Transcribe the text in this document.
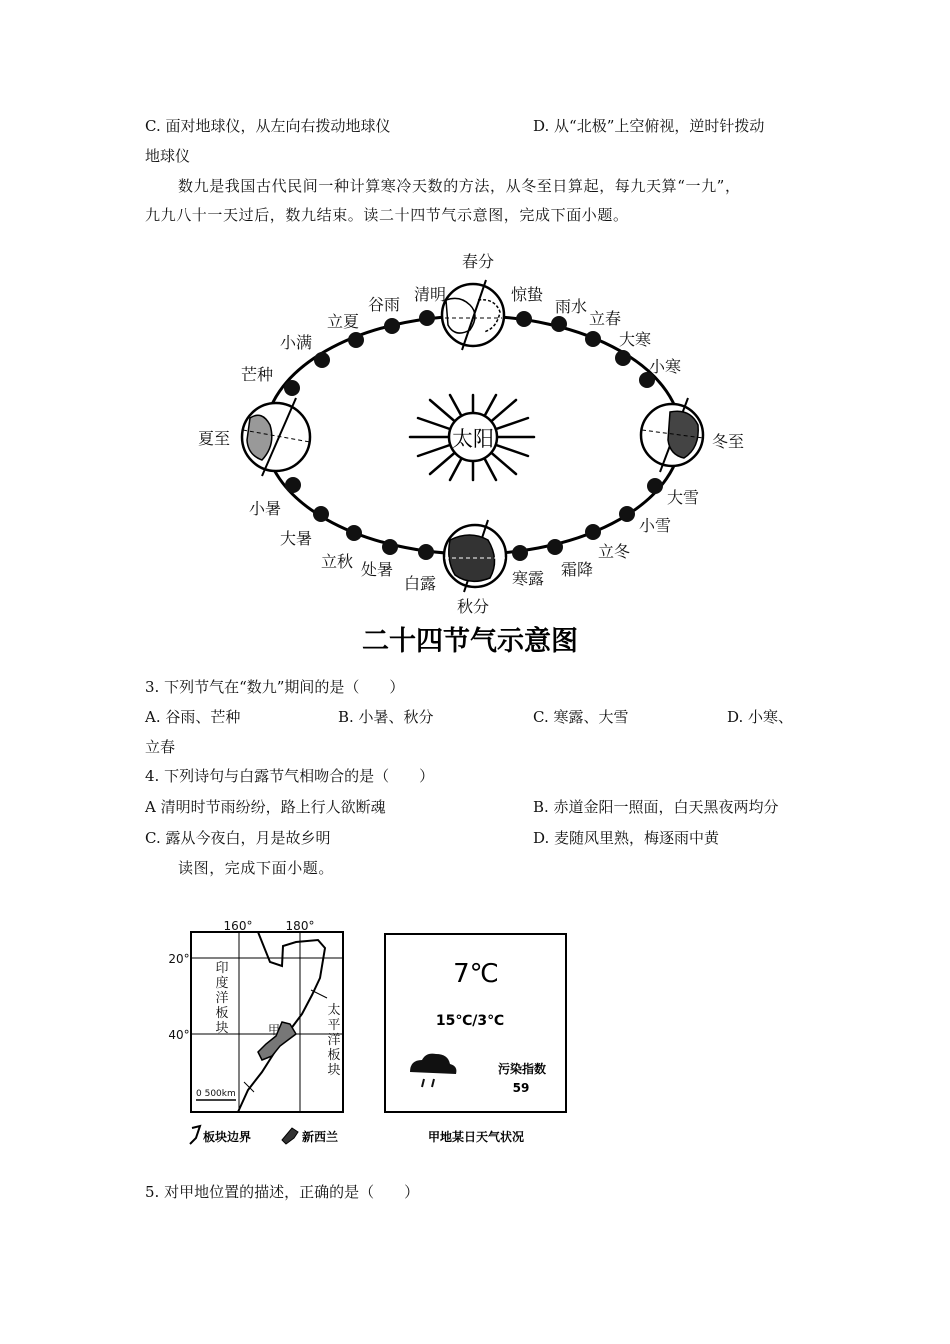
C. 面对地球仪，从左向右拨动地球仪	D. 从“北极”上空俯视，逆时针拨动
地球仪
数九是我国古代民间一种计算寒冷天数的方法，从冬至日算起，每九天算“一九”，
九九八十一天过后，数九结束。读二十四节气示意图，完成下面小题。
太阳
春分
清明	惊蛰
谷雨	雨水
立夏	立春
小满	大寒
小寒
芒种
夏至	冬至
小暑
大雪
大暑
小雪
立秋 处暑
立冬
白露
霜降
寒露
秋分
二十四节气示意图
3. 下列节气在“数九”期间的是（　　）
A. 谷雨、芒种	B. 小暑、秋分	C. 寒露、大雪	D. 小寒、
立春
4. 下列诗句与白露节气相吻合的是（　　）
A 清明时节雨纷纷，路上行人欲断魂	B. 赤道金阳一照面，白天黑夜两均分
C. 露从今夜白，月是故乡明	D. 麦随风里熟，梅逐雨中黄
读图，完成下面小题。
160°	180°
20°
40°	甲
0 500km
印
度
洋
板
块
太
平
洋
板
块
板块边界	新西兰
7℃
15℃/3℃
污染指数
59
甲地某日天气状况
5. 对甲地位置的描述，正确的是（　　）
